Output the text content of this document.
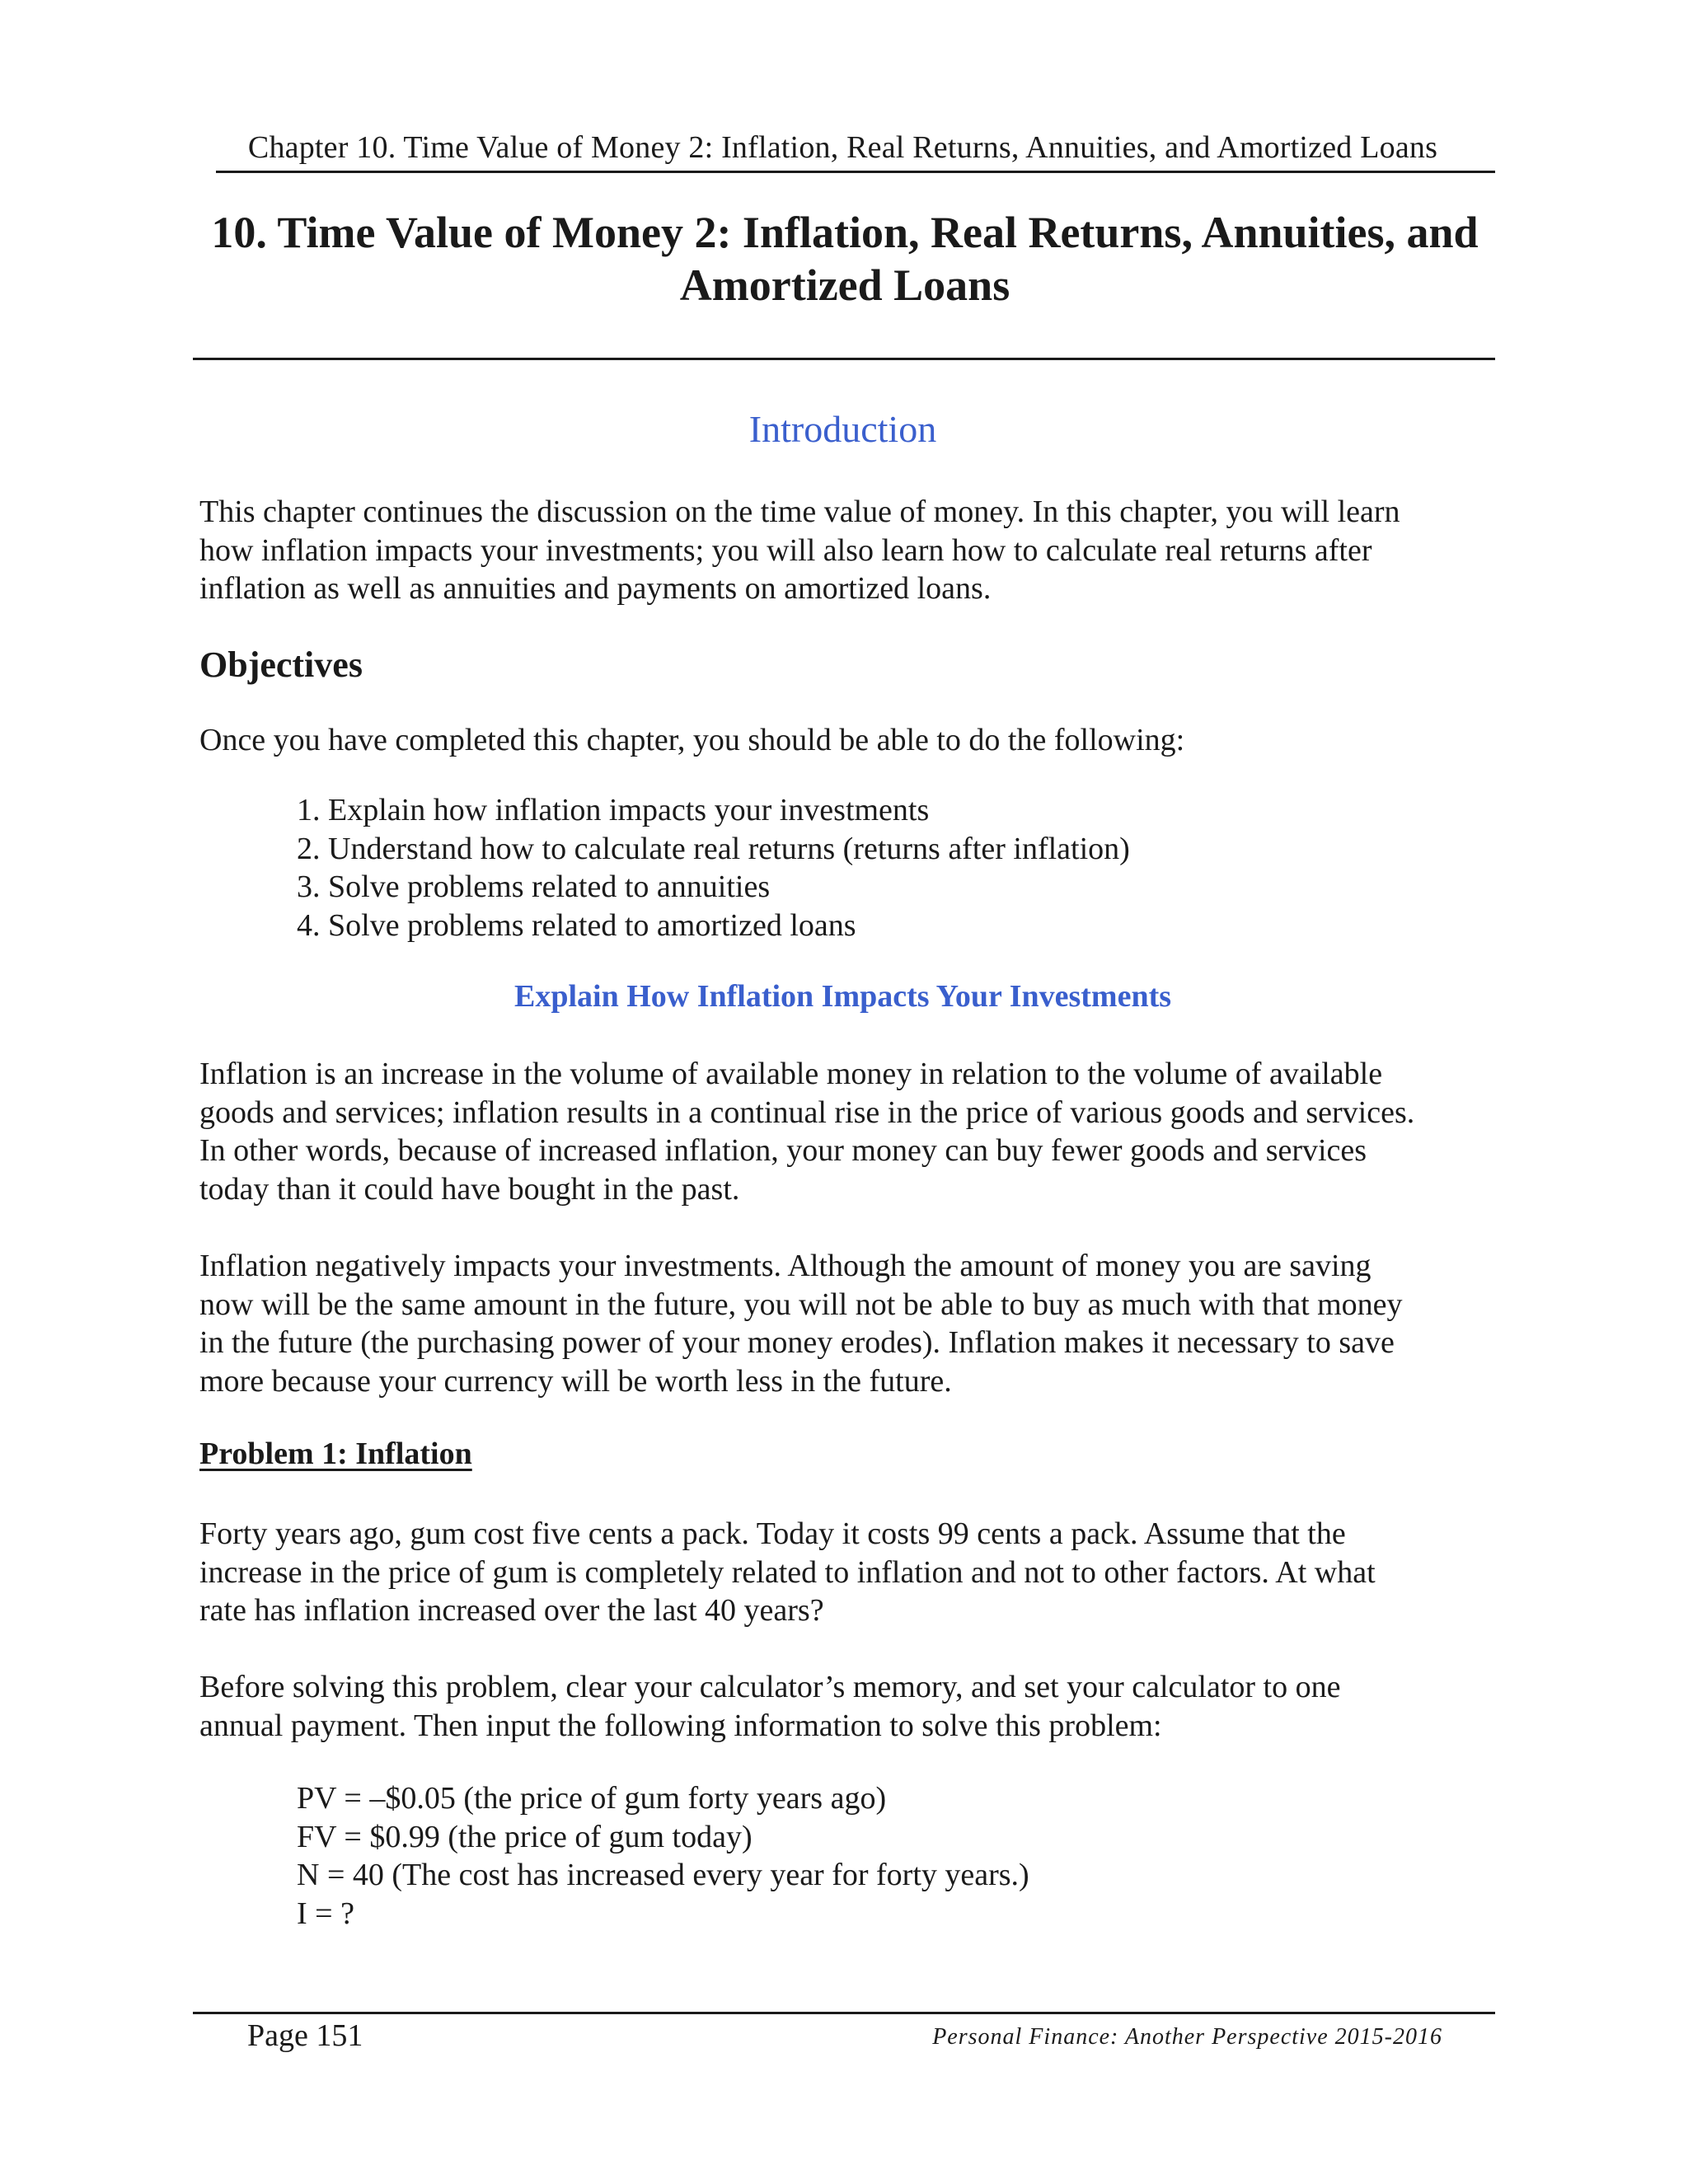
Chapter 10. Time Value of Money 2: Inflation, Real Returns, Annuities, and Amortized Loans
10. Time Value of Money 2: Inflation, Real Returns, Annuities, and
Amortized Loans
Introduction
This chapter continues the discussion on the time value of money. In this chapter, you will learn
how inflation impacts your investments; you will also learn how to calculate real returns after
inflation as well as annuities and payments on amortized loans.
Objectives
Once you have completed this chapter, you should be able to do the following:
1. Explain how inflation impacts your investments
2. Understand how to calculate real returns (returns after inflation)
3. Solve problems related to annuities
4. Solve problems related to amortized loans
Explain How Inflation Impacts Your Investments
Inflation is an increase in the volume of available money in relation to the volume of available
goods and services; inflation results in a continual rise in the price of various goods and services.
In other words, because of increased inflation, your money can buy fewer goods and services
today than it could have bought in the past.
Inflation negatively impacts your investments. Although the amount of money you are saving
now will be the same amount in the future, you will not be able to buy as much with that money
in the future (the purchasing power of your money erodes). Inflation makes it necessary to save
more because your currency will be worth less in the future.
Problem 1: Inflation
Forty years ago, gum cost five cents a pack. Today it costs 99 cents a pack. Assume that the
increase in the price of gum is completely related to inflation and not to other factors. At what
rate has inflation increased over the last 40 years?
Before solving this problem, clear your calculator’s memory, and set your calculator to one
annual payment. Then input the following information to solve this problem:
PV = –$0.05 (the price of gum forty years ago)
FV = $0.99 (the price of gum today)
N = 40 (The cost has increased every year for forty years.)
I = ?
Page 151	Personal Finance: Another Perspective 2015-2016
